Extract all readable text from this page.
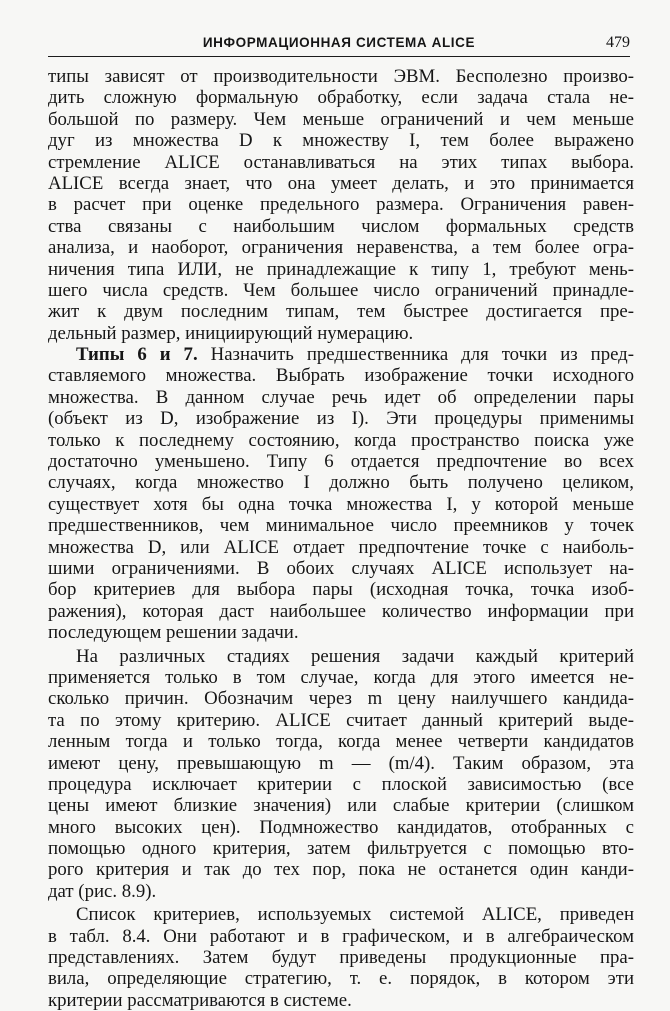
ИНФОРМАЦИОННАЯ СИСТЕМА ALICE	479
типы зависят от производительности ЭВМ. Бесполезно произво-
дить сложную формальную обработку, если задача стала не-
большой по размеру. Чем меньше ограничений и чем меньше
дуг из множества D к множеству I, тем более выражено
стремление ALICE останавливаться на этих типах выбора.
ALICE всегда знает, что она умеет делать, и это принимается
в расчет при оценке предельного размера. Ограничения равен-
ства связаны с наибольшим числом формальных средств
анализа, и наоборот, ограничения неравенства, а тем более огра-
ничения типа ИЛИ, не принадлежащие к типу 1, требуют мень-
шего числа средств. Чем большее число ограничений принадле-
жит к двум последним типам, тем быстрее достигается пре-
дельный размер, инициирующий нумерацию.
Типы 6 и 7. Назначить предшественника для точки из пред-
ставляемого множества. Выбрать изображение точки исходного
множества. В данном случае речь идет об определении пары
(объект из D, изображение из I). Эти процедуры применимы
только к последнему состоянию, когда пространство поиска уже
достаточно уменьшено. Типу 6 отдается предпочтение во всех
случаях, когда множество I должно быть получено целиком,
существует хотя бы одна точка множества I, у которой меньше
предшественников, чем минимальное число преемников у точек
множества D, или ALICE отдает предпочтение точке с наиболь-
шими ограничениями. В обоих случаях ALICE использует на-
бор критериев для выбора пары (исходная точка, точка изоб-
ражения), которая даст наибольшее количество информации при
последующем решении задачи.
На различных стадиях решения задачи каждый критерий
применяется только в том случае, когда для этого имеется не-
сколько причин. Обозначим через m цену наилучшего кандида-
та по этому критерию. ALICE считает данный критерий выде-
ленным тогда и только тогда, когда менее четверти кандидатов
имеют цену, превышающую m — (m/4). Таким образом, эта
процедура исключает критерии с плоской зависимостью (все
цены имеют близкие значения) или слабые критерии (слишком
много высоких цен). Подмножество кандидатов, отобранных с
помощью одного критерия, затем фильтруется с помощью вто-
рого критерия и так до тех пор, пока не останется один канди-
дат (рис. 8.9).
Список критериев, используемых системой ALICE, приведен
в табл. 8.4. Они работают и в графическом, и в алгебраическом
представлениях. Затем будут приведены продукционные пра-
вила, определяющие стратегию, т. е. порядок, в котором эти
критерии рассматриваются в системе.
